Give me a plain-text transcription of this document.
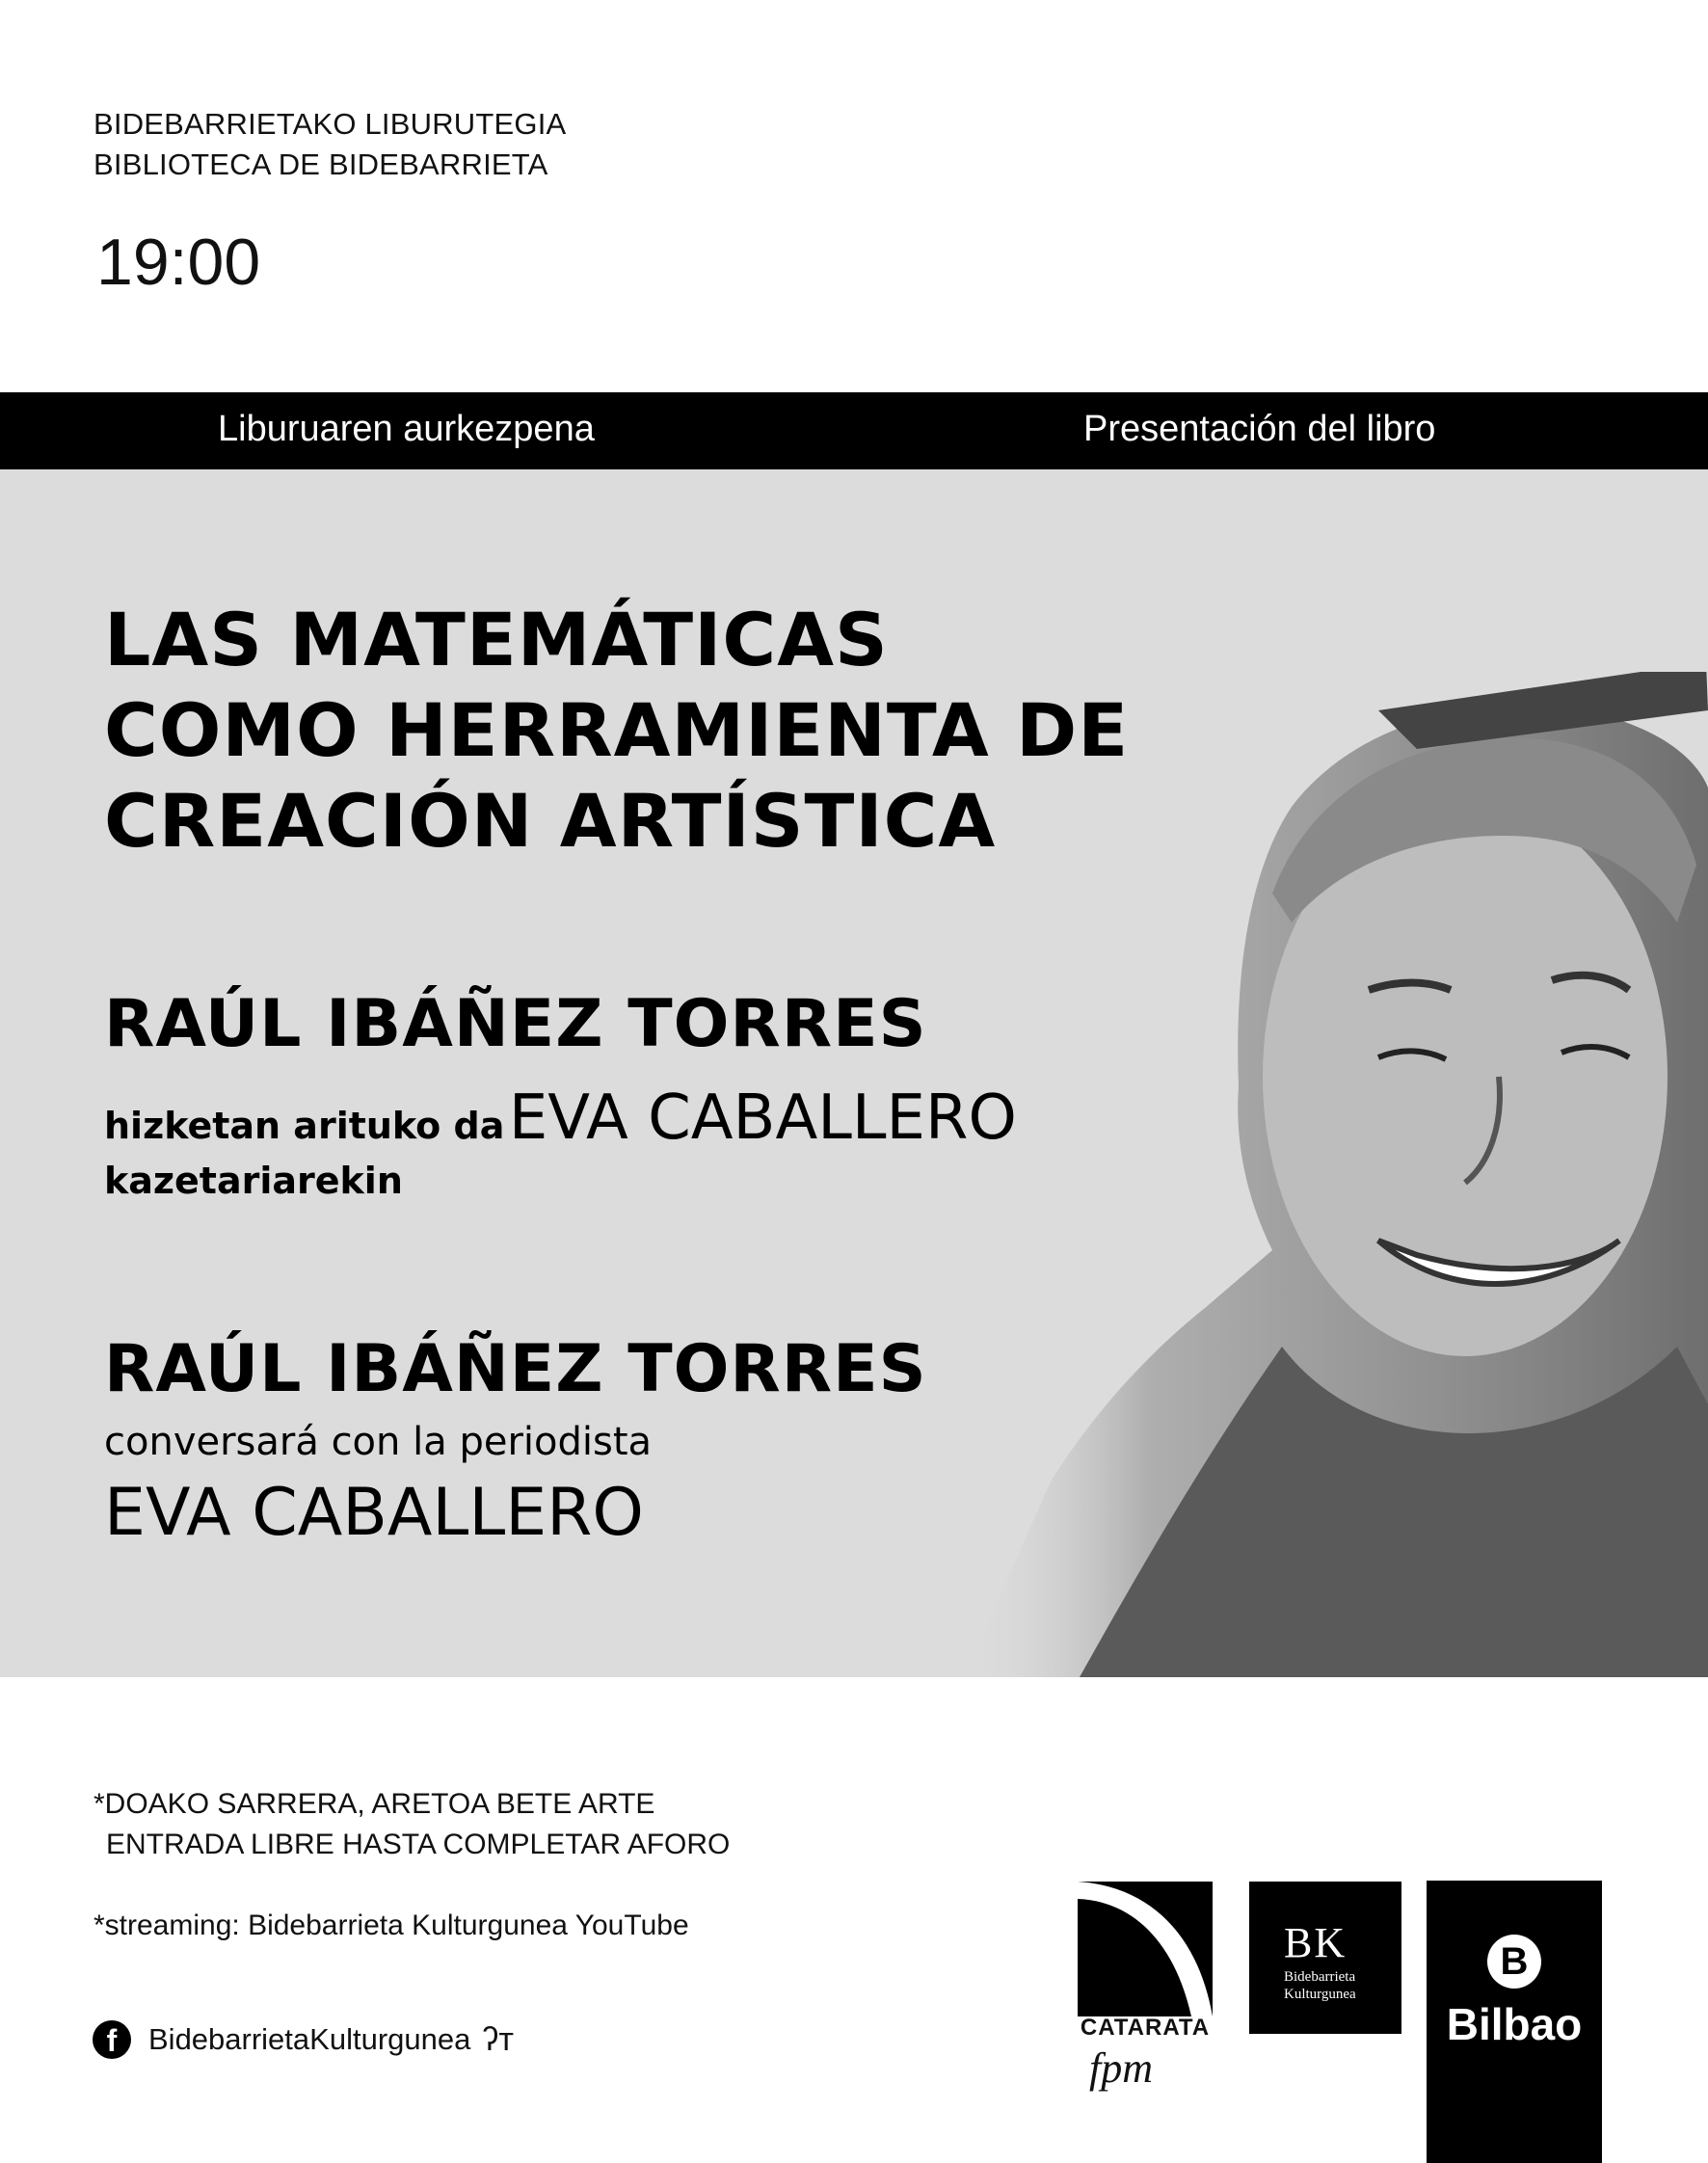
BIDEBARRIETAKO LIBURUTEGIA
BIBLIOTECA DE BIDEBARRIETA
19:00
Liburuaren aurkezpena	Presentación del libro
LAS MATEMÁTICAS
COMO HERRAMIENTA DE
CREACIÓN ARTÍSTICA
RAÚL IBÁÑEZ TORRES
hizketan arituko da EVA CABALLERO
kazetariarekin
RAÚL IBÁÑEZ TORRES
conversará con la periodista
EVA CABALLERO
*DOAKO SARRERA, ARETOA BETE ARTE
ENTRADA LIBRE HASTA COMPLETAR AFORO
*streaming: Bidebarrieta Kulturgunea YouTube
f	BidebarrietaKulturgunea ʔт	CATARATA
fpm
BK
Bidebarrieta
Kulturgunea
B
Bilbao
